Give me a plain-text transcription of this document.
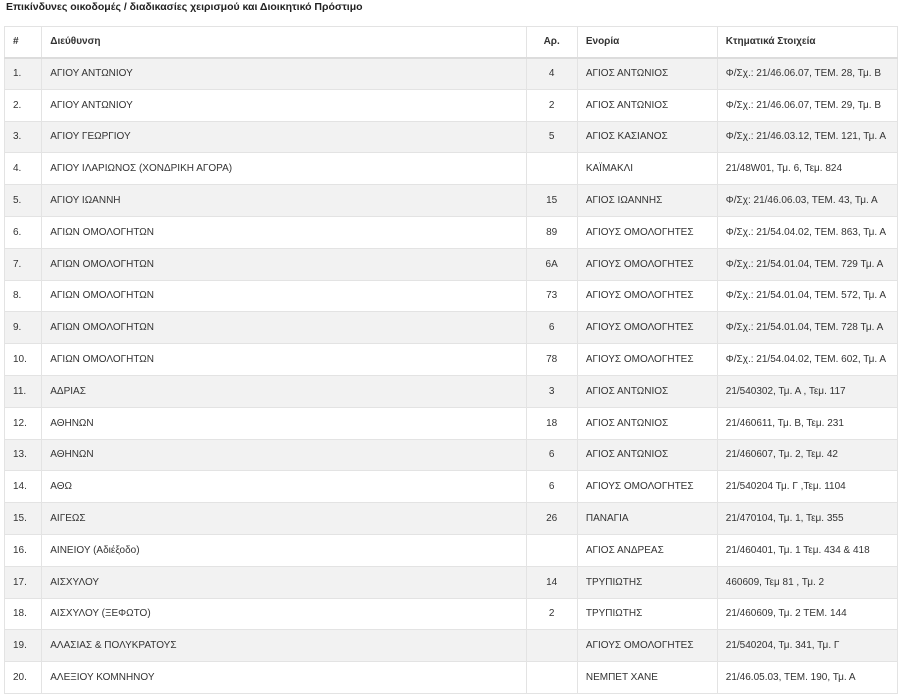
Επικίνδυνες οικοδομές / διαδικασίες χειρισμού και Διοικητικό Πρόστιμο
#	Διεύθυνση	Αρ.	Ενορία	Κτηματικά Στοιχεία
1.	ΑΓΙΟΥ ΑΝΤΩΝΙΟΥ	4	ΑΓΙΟΣ ΑΝΤΩΝΙΟΣ	Φ/Σχ.: 21/46.06.07, ΤΕΜ. 28, Τμ. Β
2.	ΑΓΙΟΥ ΑΝΤΩΝΙΟΥ	2	ΑΓΙΟΣ ΑΝΤΩΝΙΟΣ	Φ/Σχ.: 21/46.06.07, ΤΕΜ. 29, Τμ. Β
3.	ΑΓΙΟΥ ΓΕΩΡΓΙΟΥ	5	ΑΓΙΟΣ ΚΑΣΙΑΝΟΣ	Φ/Σχ.: 21/46.03.12, ΤΕΜ. 121, Τμ. Α
4.	ΑΓΙΟΥ ΙΛΑΡΙΩΝΟΣ (ΧΟΝΔΡΙΚΗ ΑΓΟΡΑ)		ΚΑΪΜΑΚΛΙ	21/48W01, Τμ. 6, Τεμ. 824
5.	ΑΓΙΟΥ ΙΩΑΝΝΗ	15	ΑΓΙΟΣ ΙΩΑΝΝΗΣ	Φ/Σχ: 21/46.06.03, ΤΕΜ. 43, Τμ. Α
6.	ΑΓΙΩΝ ΟΜΟΛΟΓΗΤΩΝ	89	ΑΓΙΟΥΣ ΟΜΟΛΟΓΗΤΕΣ	Φ/Σχ.: 21/54.04.02, ΤΕΜ. 863, Τμ. Α
7.	ΑΓΙΩΝ ΟΜΟΛΟΓΗΤΩΝ	6Α	ΑΓΙΟΥΣ ΟΜΟΛΟΓΗΤΕΣ	Φ/Σχ.: 21/54.01.04, ΤΕΜ. 729 Τμ. Α
8.	ΑΓΙΩΝ ΟΜΟΛΟΓΗΤΩΝ	73	ΑΓΙΟΥΣ ΟΜΟΛΟΓΗΤΕΣ	Φ/Σχ.: 21/54.01.04, ΤΕΜ. 572, Τμ. Α
9.	ΑΓΙΩΝ ΟΜΟΛΟΓΗΤΩΝ	6	ΑΓΙΟΥΣ ΟΜΟΛΟΓΗΤΕΣ	Φ/Σχ.: 21/54.01.04, ΤΕΜ. 728 Τμ. Α
10.	ΑΓΙΩΝ ΟΜΟΛΟΓΗΤΩΝ	78	ΑΓΙΟΥΣ ΟΜΟΛΟΓΗΤΕΣ	Φ/Σχ.: 21/54.04.02, ΤΕΜ. 602, Τμ. Α
11.	ΑΔΡΙΑΣ	3	ΑΓΙΟΣ ΑΝΤΩΝΙΟΣ	21/540302, Τμ. Α , Τεμ. 117
12.	ΑΘΗΝΩΝ	18	ΑΓΙΟΣ ΑΝΤΩΝΙΟΣ	21/460611, Τμ. Β, Τεμ. 231
13.	ΑΘΗΝΩΝ	6	ΑΓΙΟΣ ΑΝΤΩΝΙΟΣ	21/460607, Τμ. 2, Τεμ. 42
14.	ΑΘΩ	6	ΑΓΙΟΥΣ ΟΜΟΛΟΓΗΤΕΣ	21/540204 Τμ. Γ ,Τεμ. 1104
15.	ΑΙΓΕΩΣ	26	ΠΑΝΑΓΙΑ	21/470104, Τμ. 1, Τεμ. 355
16.	ΑΙΝΕΙΟΥ (Αδιέξοδο)		ΑΓΙΟΣ ΑΝΔΡΕΑΣ	21/460401, Τμ. 1 Τεμ. 434 & 418
17.	ΑΙΣΧΥΛΟΥ	14	ΤΡΥΠΙΩΤΗΣ	460609, Τεμ 81 , Τμ. 2
18.	ΑΙΣΧΥΛΟΥ (ΞΕΦΩΤΟ)	2	ΤΡΥΠΙΩΤΗΣ	21/460609, Τμ. 2 ΤΕΜ. 144
19.	ΑΛΑΣΙΑΣ & ΠΟΛΥΚΡΑΤΟΥΣ		ΑΓΙΟΥΣ ΟΜΟΛΟΓΗΤΕΣ	21/540204, Τμ. 341, Τμ. Γ
20.	ΑΛΕΞΙΟΥ ΚΟΜΝΗΝΟΥ		ΝΕΜΠΕΤ ΧΑΝΕ	21/46.05.03, ΤΕΜ. 190, Τμ. Α
